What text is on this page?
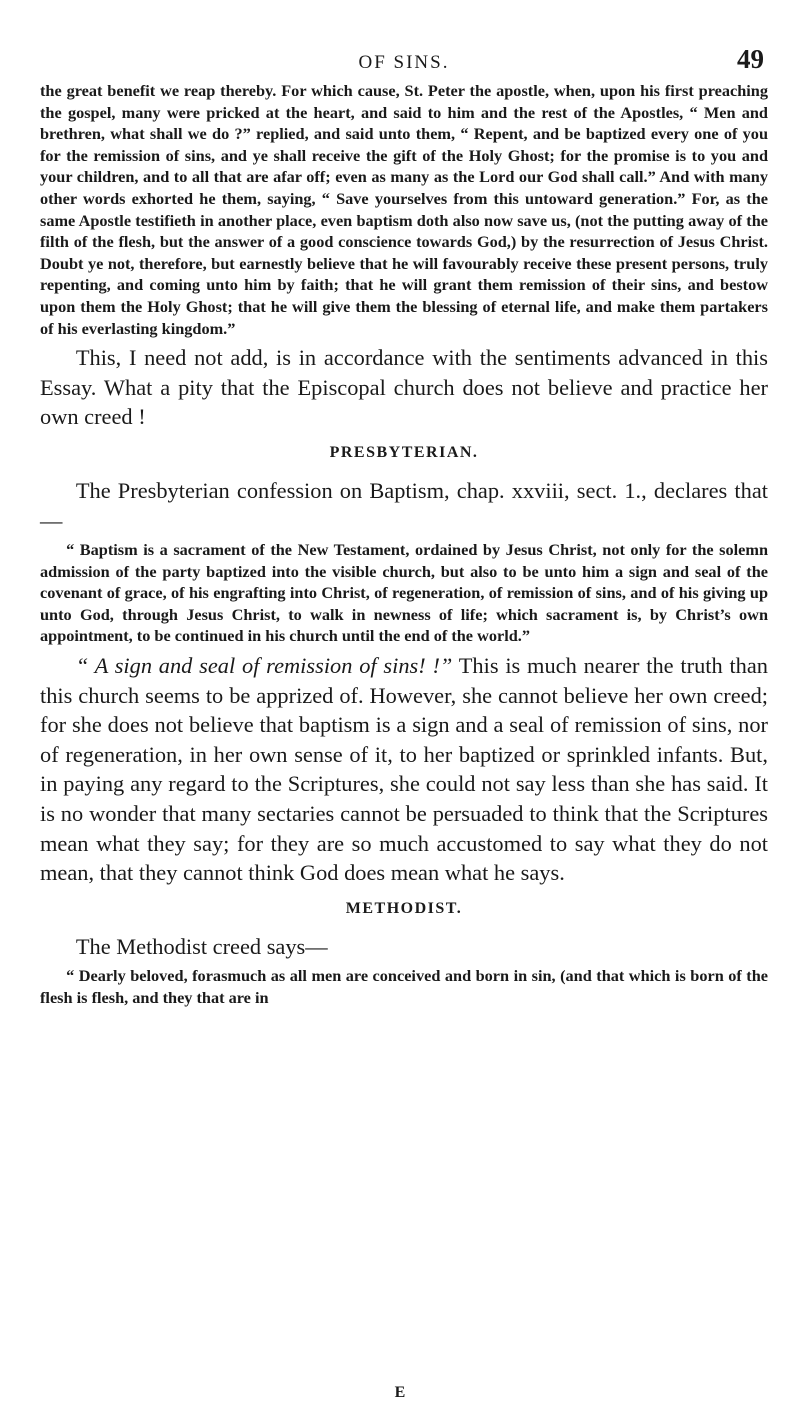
OF SINS.	49

the great benefit we reap thereby. For which cause, St. Peter the apostle, when, upon his first preaching the gospel, many were pricked at the heart, and said to him and the rest of the Apostles, “ Men and brethren, what shall we do ?” replied, and said unto them, “ Repent, and be baptized every one of you for the remission of sins, and ye shall receive the gift of the Holy Ghost; for the promise is to you and your children, and to all that are afar off; even as many as the Lord our God shall call.” And with many other words exhorted he them, saying, “ Save yourselves from this untoward generation.” For, as the same Apostle testifieth in another place, even baptism doth also now save us, (not the putting away of the filth of the flesh, but the answer of a good conscience towards God,) by the resurrection of Jesus Christ. Doubt ye not, therefore, but earnestly believe that he will favourably receive these present persons, truly repenting, and coming unto him by faith; that he will grant them remission of their sins, and bestow upon them the Holy Ghost; that he will give them the blessing of eternal life, and make them partakers of his everlasting kingdom.”

This, I need not add, is in accordance with the sentiments advanced in this Essay. What a pity that the Episcopal church does not believe and practice her own creed !

PRESBYTERIAN.

The Presbyterian confession on Baptism, chap. xxviii, sect. 1., declares that—

“ Baptism is a sacrament of the New Testament, ordained by Jesus Christ, not only for the solemn admission of the party baptized into the visible church, but also to be unto him a sign and seal of the covenant of grace, of his engrafting into Christ, of regeneration, of remission of sins, and of his giving up unto God, through Jesus Christ, to walk in newness of life; which sacrament is, by Christ’s own appointment, to be continued in his church until the end of the world.”

“ A sign and seal of remission of sins! !” This is much nearer the truth than this church seems to be apprized of. However, she cannot believe her own creed; for she does not believe that baptism is a sign and a seal of remission of sins, nor of regeneration, in her own sense of it, to her baptized or sprinkled infants. But, in paying any regard to the Scriptures, she could not say less than she has said. It is no wonder that many sectaries cannot be persuaded to think that the Scriptures mean what they say; for they are so much accustomed to say what they do not mean, that they cannot think God does mean what he says.

METHODIST.

The Methodist creed says—

“ Dearly beloved, forasmuch as all men are conceived and born in sin, (and that which is born of the flesh is flesh, and they that are in

E
